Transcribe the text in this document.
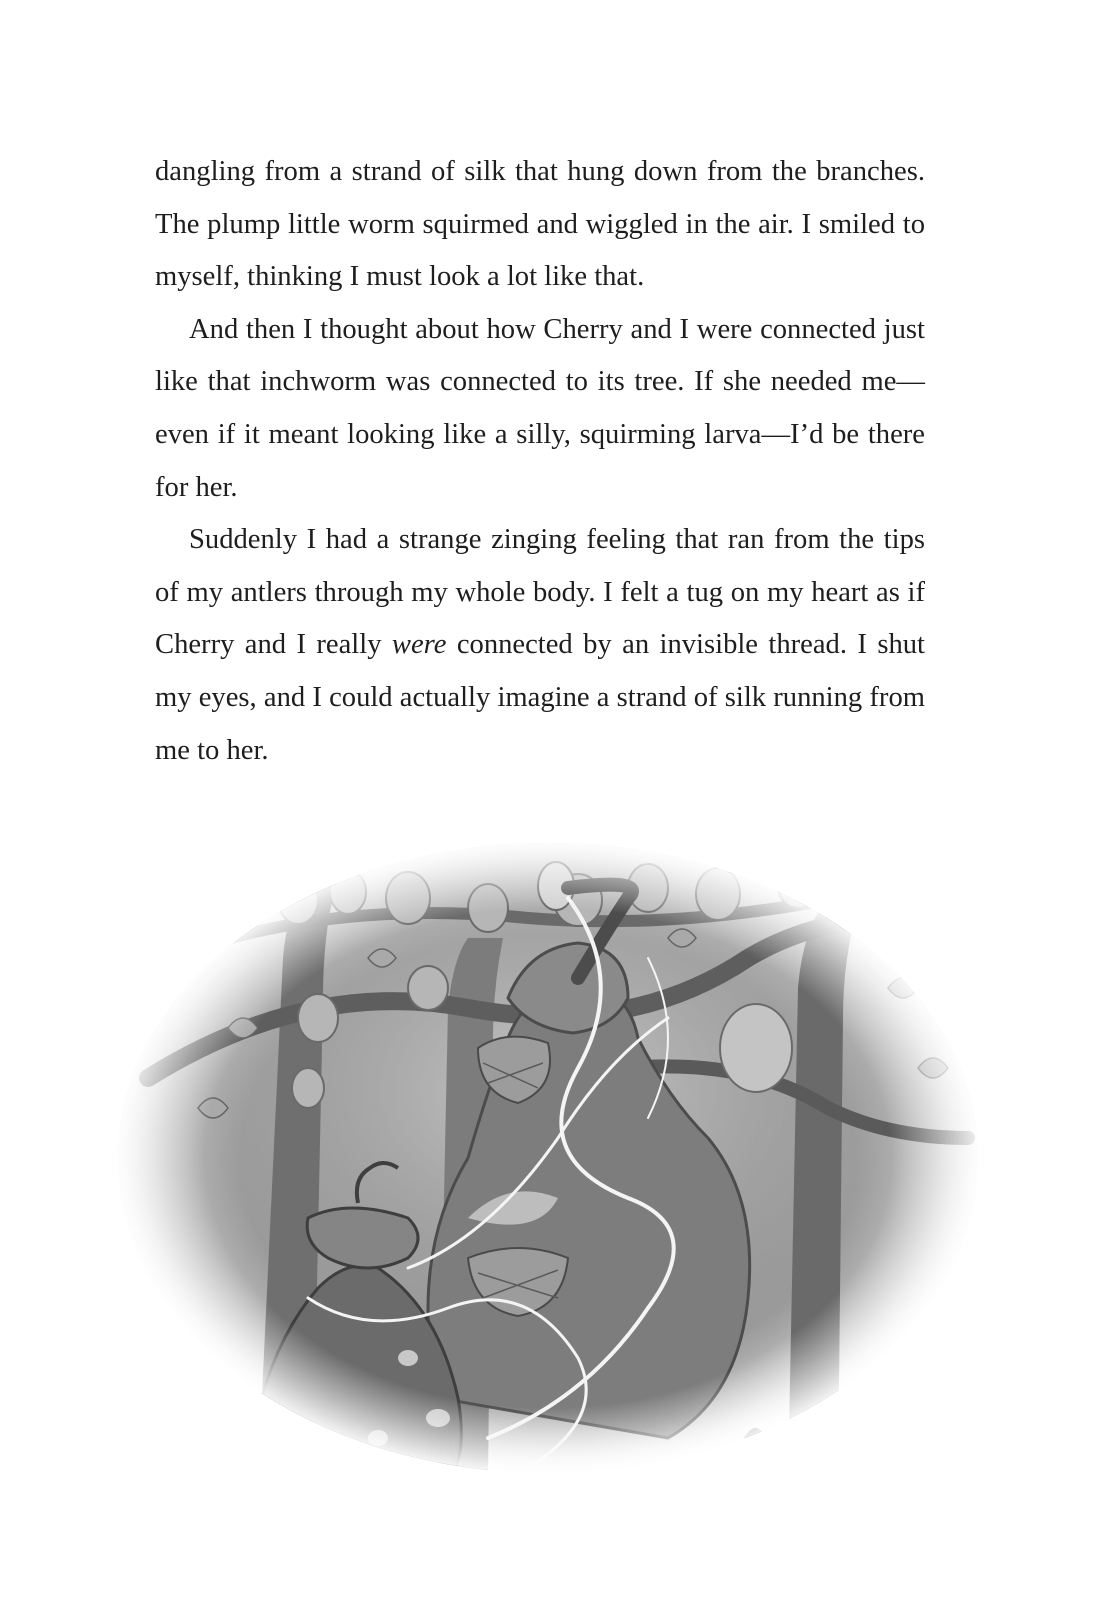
dangling from a strand of silk that hung down from the branches. The plump little worm squirmed and wiggled in the air. I smiled to myself, thinking I must look a lot like that.

And then I thought about how Cherry and I were connected just like that inchworm was connected to its tree. If she needed me—even if it meant looking like a silly, squirming larva—I’d be there for her.

Suddenly I had a strange zinging feeling that ran from the tips of my antlers through my whole body. I felt a tug on my heart as if Cherry and I really were connected by an invisible thread. I shut my eyes, and I could actually imagine a strand of silk running from me to her.
